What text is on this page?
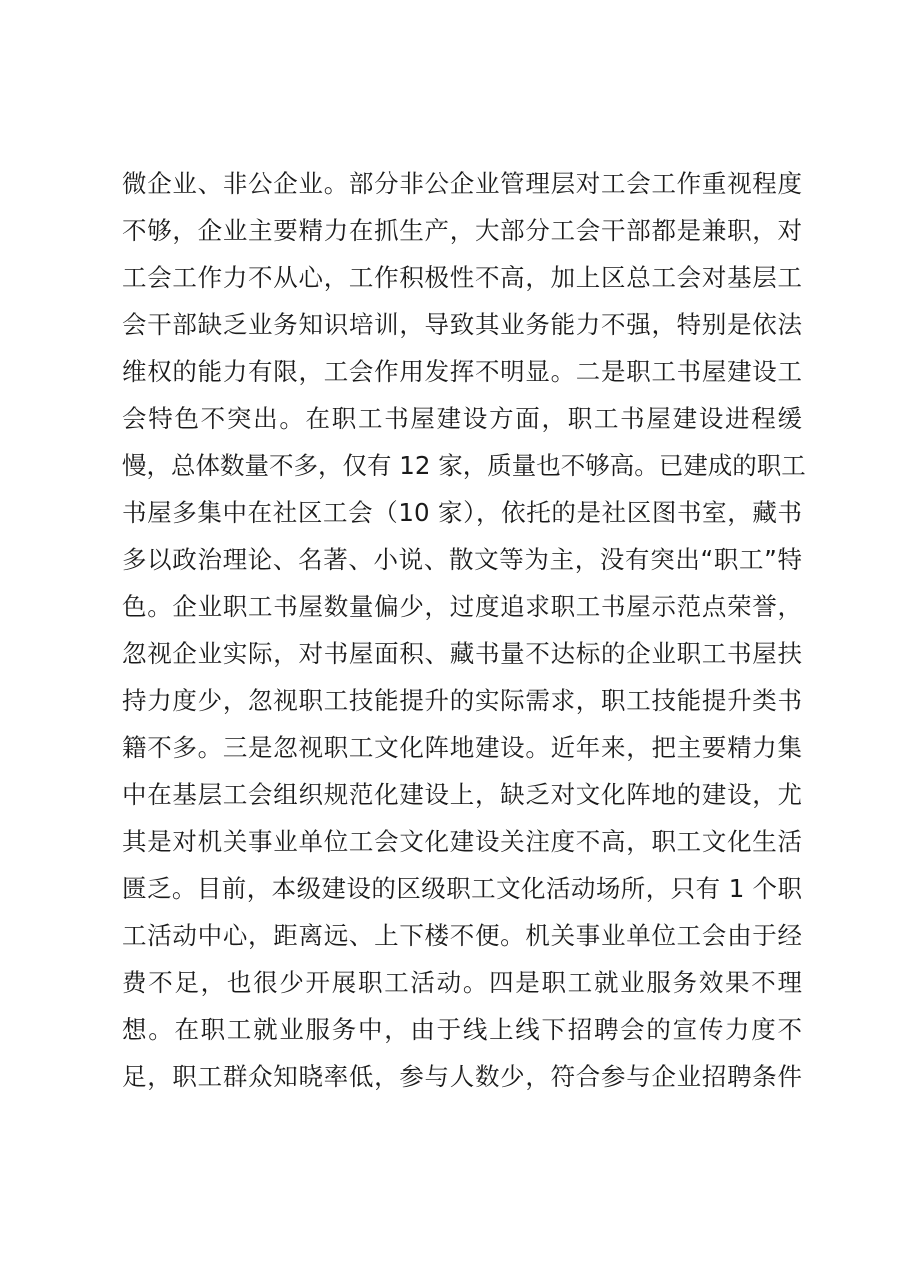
微企业、非公企业。部分非公企业管理层对工会工作重视程度
不够，企业主要精力在抓生产，大部分工会干部都是兼职，对
工会工作力不从心，工作积极性不高，加上区总工会对基层工
会干部缺乏业务知识培训，导致其业务能力不强，特别是依法
维权的能力有限，工会作用发挥不明显。二是职工书屋建设工
会特色不突出。在职工书屋建设方面，职工书屋建设进程缓
慢，总体数量不多，仅有 12 家，质量也不够高。已建成的职工
书屋多集中在社区工会（10 家），依托的是社区图书室，藏书
多以政治理论、名著、小说、散文等为主，没有突出“职工”特
色。企业职工书屋数量偏少，过度追求职工书屋示范点荣誉，
忽视企业实际，对书屋面积、藏书量不达标的企业职工书屋扶
持力度少，忽视职工技能提升的实际需求，职工技能提升类书
籍不多。三是忽视职工文化阵地建设。近年来，把主要精力集
中在基层工会组织规范化建设上，缺乏对文化阵地的建设，尤
其是对机关事业单位工会文化建设关注度不高，职工文化生活
匮乏。目前，本级建设的区级职工文化活动场所，只有 1 个职
工活动中心，距离远、上下楼不便。机关事业单位工会由于经
费不足，也很少开展职工活动。四是职工就业服务效果不理
想。在职工就业服务中，由于线上线下招聘会的宣传力度不
足，职工群众知晓率低，参与人数少，符合参与企业招聘条件
